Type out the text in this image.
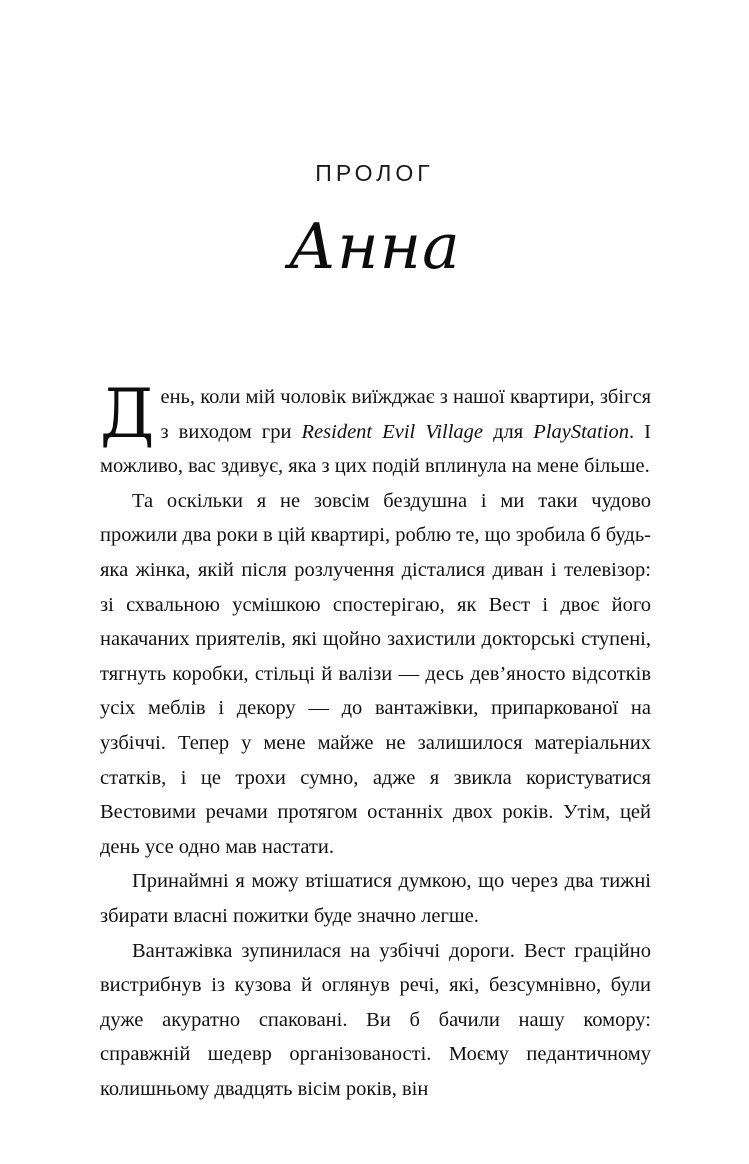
ПРОЛОГ
Анна

День, коли мій чоловік виїжджає з нашої квартири, збігся з виходом гри Resident Evil Village для PlayStation. І можливо, вас здивує, яка з цих подій вплинула на мене більше.

Та оскільки я не зовсім бездушна і ми таки чудово прожили два роки в цій квартирі, роблю те, що зробила б будь-яка жінка, якій після розлучення дісталися диван і телевізор: зі схвальною усмішкою спостерігаю, як Вест і двоє його накачаних приятелів, які щойно захистили докторські ступені, тягнуть коробки, стільці й валізи — десь дев’яносто відсотків усіх меблів і декору — до вантажівки, припаркованої на узбіччі. Тепер у мене майже не залишилося матеріальних статків, і це трохи сумно, адже я звикла користуватися Вестовими речами протягом останніх двох років. Утім, цей день усе одно мав настати.

Принаймні я можу втішатися думкою, що через два тижні збирати власні пожитки буде значно легше.

Вантажівка зупинилася на узбіччі дороги. Вест граційно вистрибнув із кузова й оглянув речі, які, безсумнівно, були дуже акуратно спаковані. Ви б бачили нашу комору: справжній шедевр організованості. Моєму педантичному колишньому двадцять вісім років, він
